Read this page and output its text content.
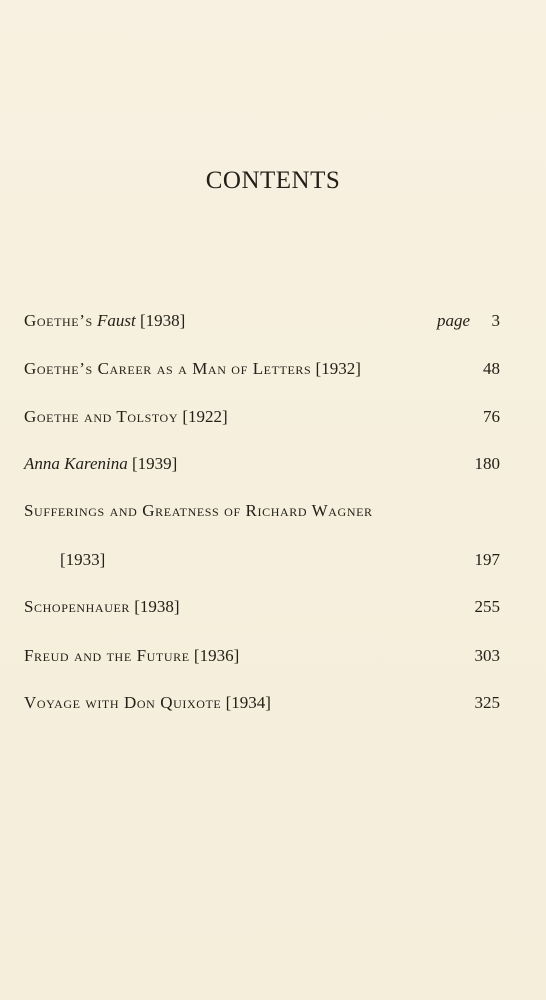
CONTENTS
Goethe’s Faust [1938]	page 3
Goethe’s Career as a Man of Letters [1932]	48
Goethe and Tolstoy [1922]	76
Anna Karenina [1939]	180
Sufferings and Greatness of Richard Wagner
[1933]	197
Schopenhauer [1938]	255
Freud and the Future [1936]	303
Voyage with Don Quixote [1934]	325
